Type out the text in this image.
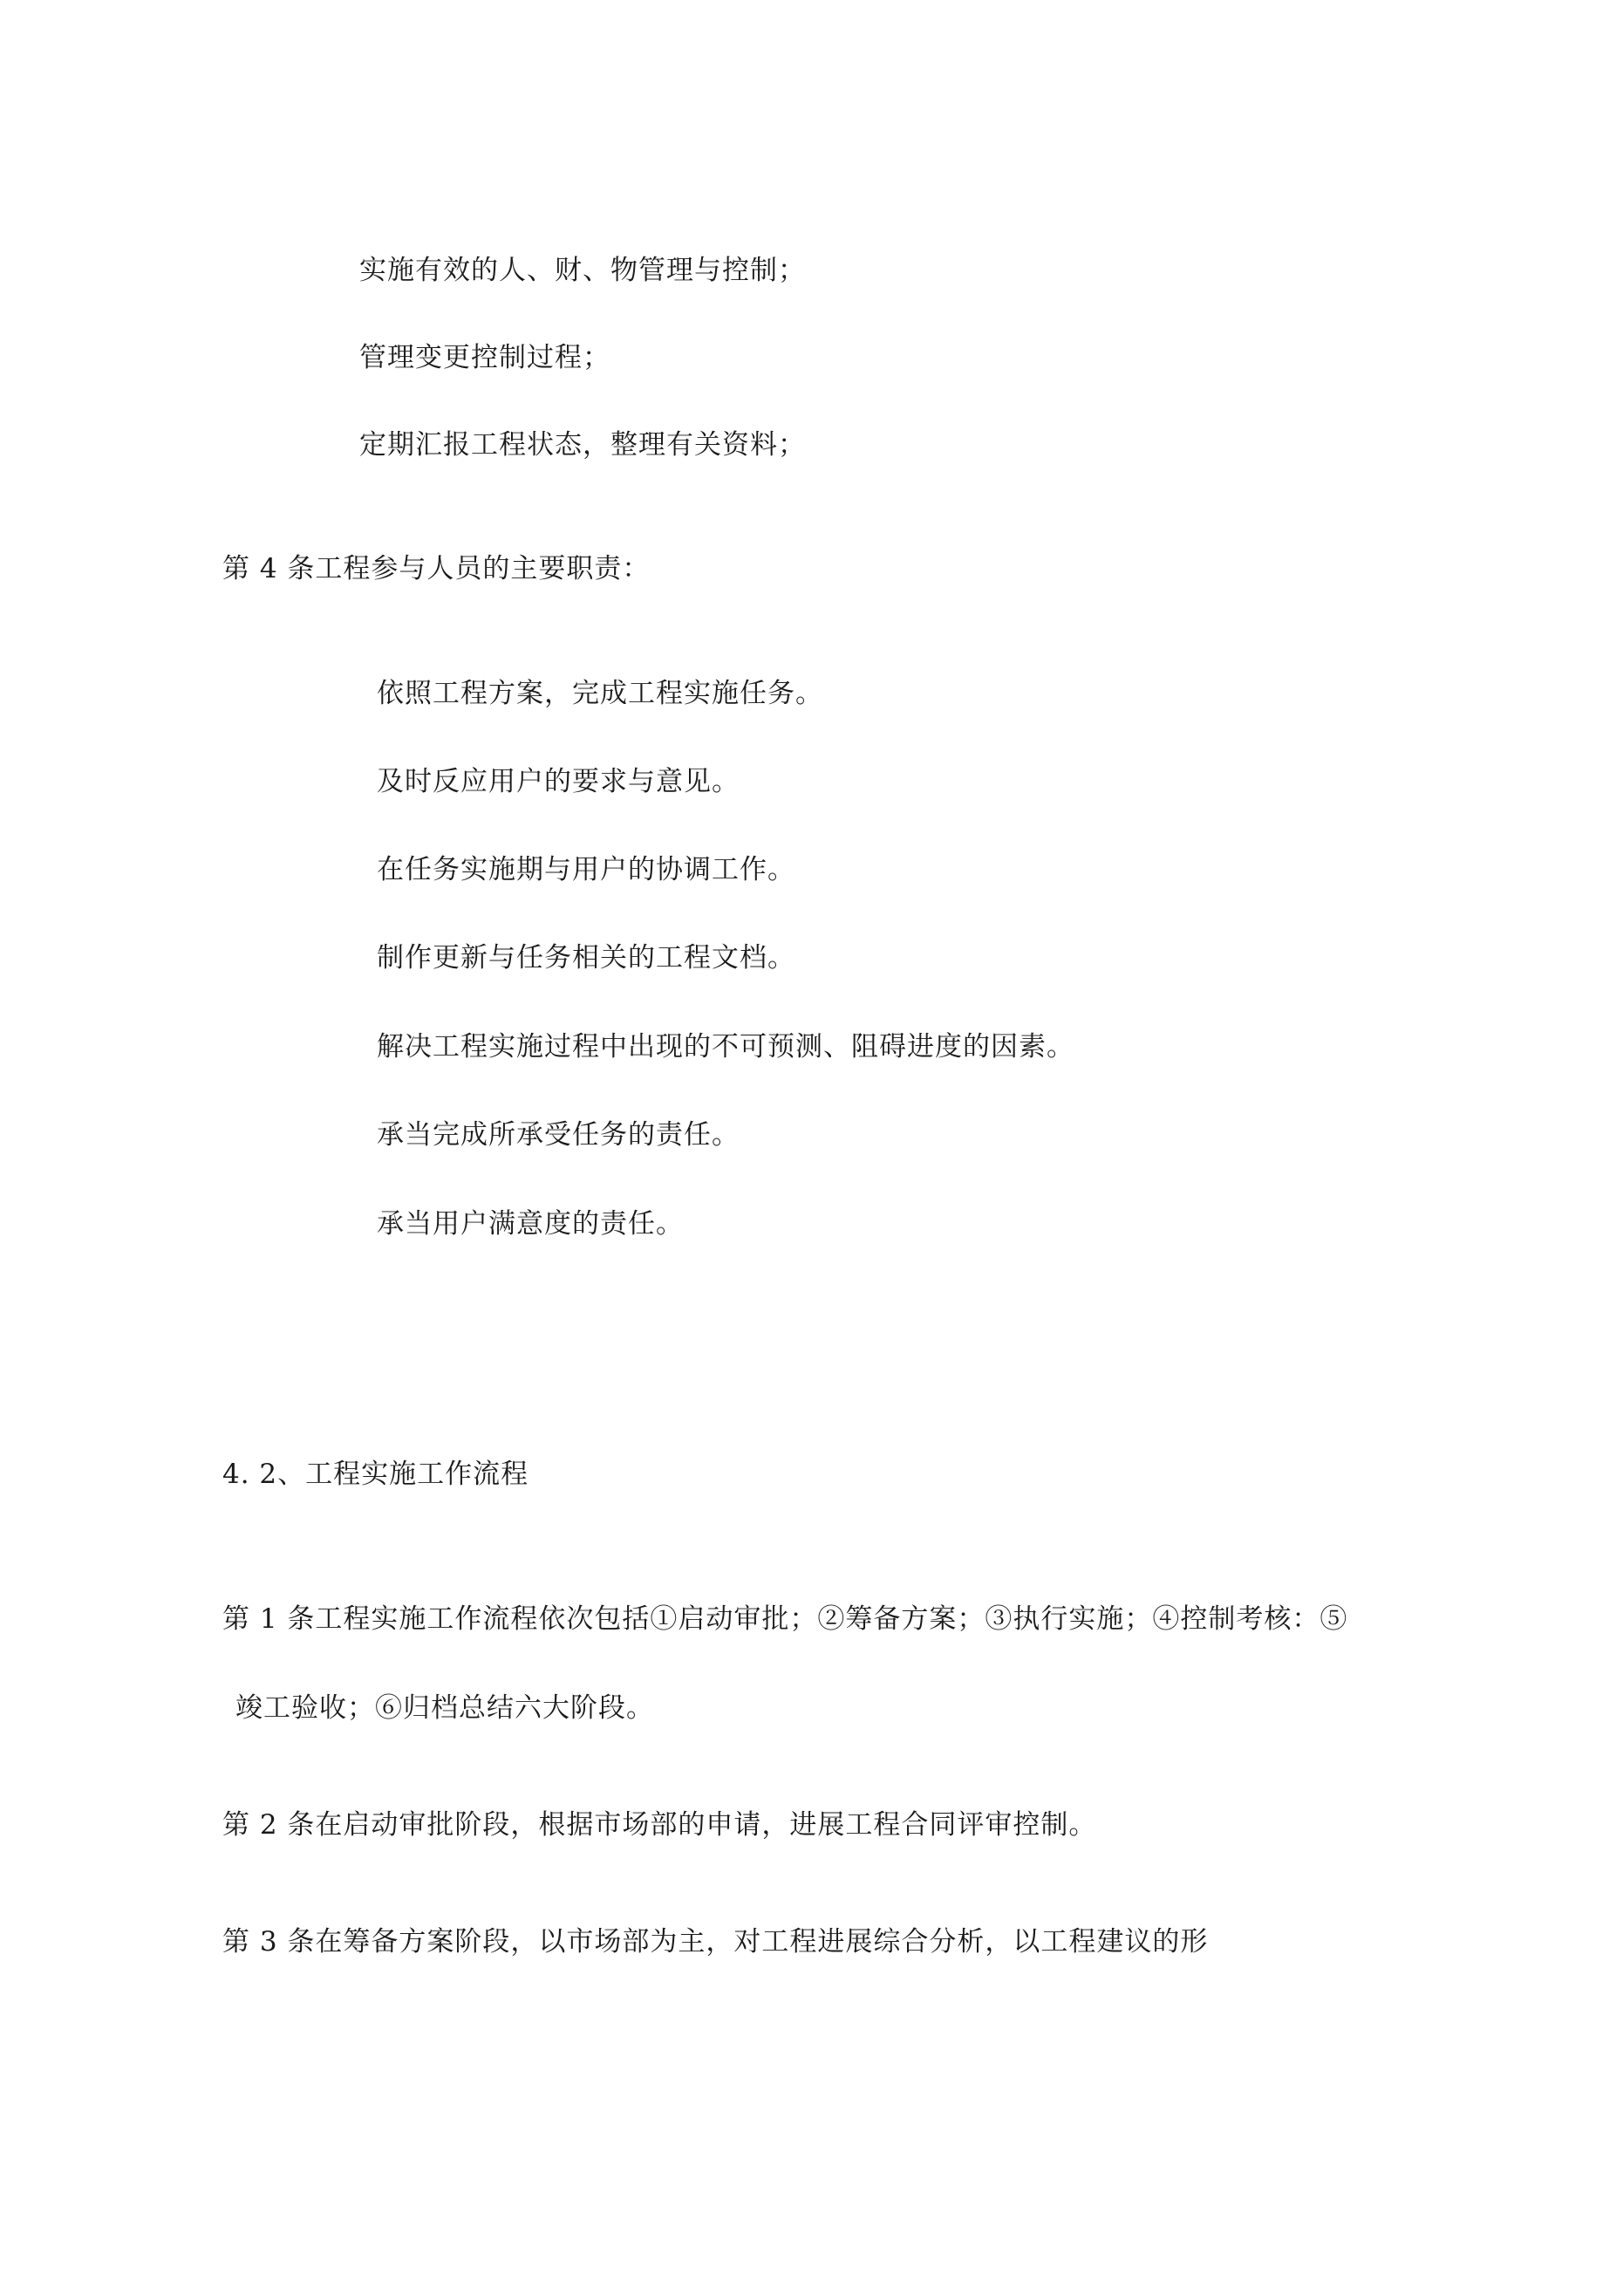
实施有效的人、财、物管理与控制；
管理变更控制过程；
定期汇报工程状态，整理有关资料；
第 4 条工程参与人员的主要职责：
依照工程方案，完成工程实施任务。
及时反应用户的要求与意见。
在任务实施期与用户的协调工作。
制作更新与任务相关的工程文档。
解决工程实施过程中出现的不可预测、阻碍进度的因素。
承当完成所承受任务的责任。
承当用户满意度的责任。
4. 2、工程实施工作流程
第 1 条工程实施工作流程依次包括①启动审批；②筹备方案；③执行实施；④控制考核：⑤
竣工验收；⑥归档总结六大阶段。
第 2 条在启动审批阶段，根据市场部的申请，进展工程合同评审控制。
第 3 条在筹备方案阶段，以市场部为主，对工程进展综合分析，以工程建议的形
